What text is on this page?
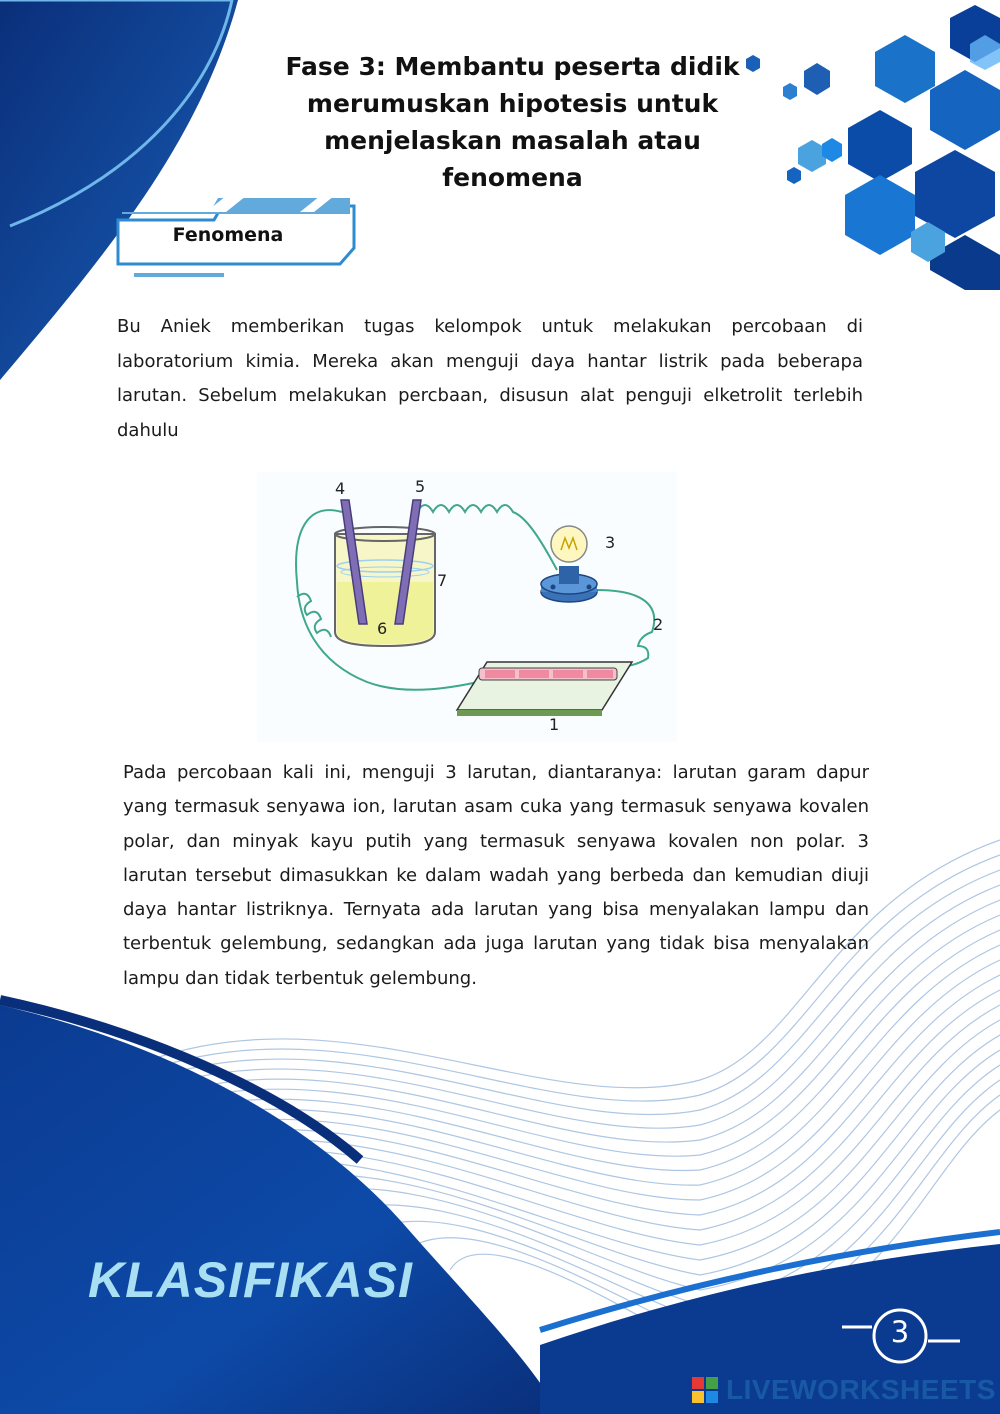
Fase 3: Membantu peserta didik merumuskan hipotesis untuk menjelaskan masalah atau fenomena
Fenomena

Bu Aniek memberikan tugas kelompok untuk melakukan percobaan di laboratorium kimia. Mereka akan menguji daya hantar listrik pada beberapa larutan. Sebelum melakukan percbaan, disusun alat penguji elketrolit terlebih dahulu

4	5
3
7
6	2
1

Pada percobaan kali ini, menguji 3 larutan, diantaranya: larutan garam dapur yang termasuk senyawa ion, larutan asam cuka yang termasuk senyawa kovalen polar, dan minyak kayu putih yang termasuk senyawa kovalen non polar. 3 larutan tersebut dimasukkan ke dalam wadah yang berbeda dan kemudian diuji daya hantar listriknya. Ternyata ada larutan yang bisa menyalakan lampu dan terbentuk gelembung, sedangkan ada juga larutan yang tidak bisa menyalakan lampu dan tidak terbentuk gelembung.

KLASIFIKASI
3
LIVEWORKSHEETS
